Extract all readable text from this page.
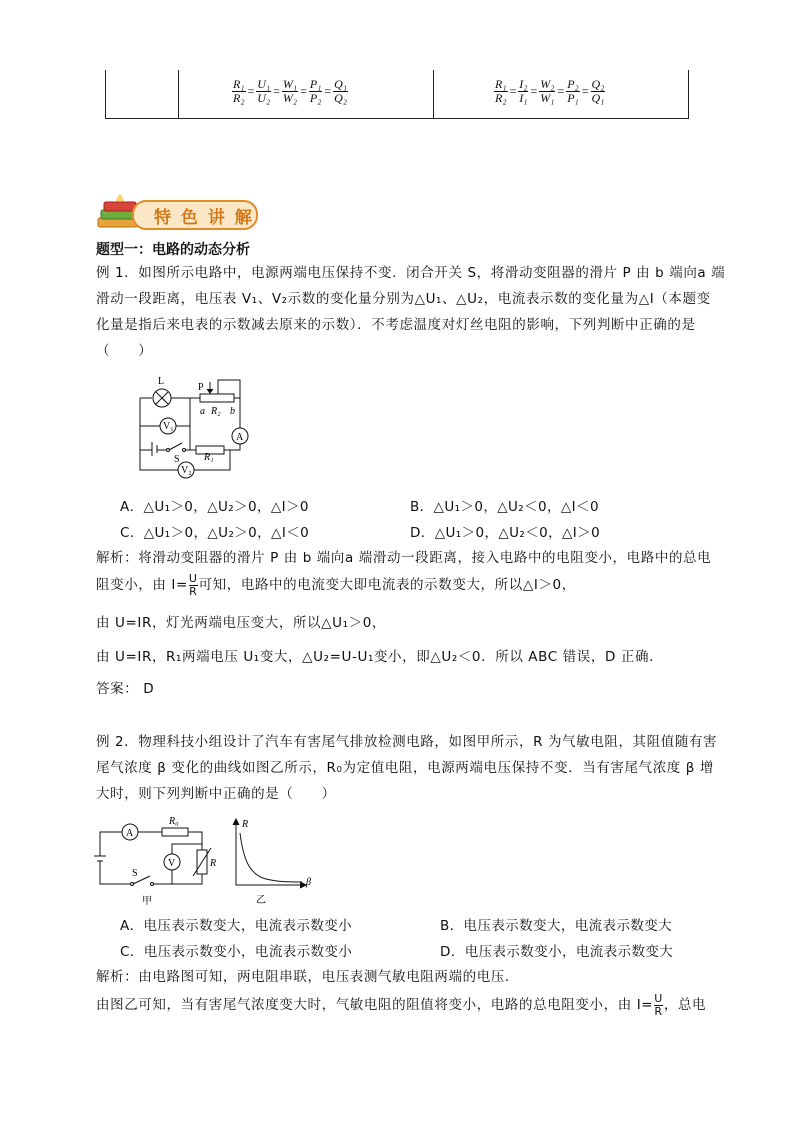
$\frac{\text{R₁}}{\text{R₂}} = \frac{\text{U₁}}{\text{U₂}} = \frac{\text{W₁}}{\text{W₂}} = \frac{\text{P₁}}{\text{P₂}} = \frac{\text{Q₁}}{\text{Q₂}}$	$\frac{\text{R₁}}{\text{R₂}} = \frac{\text{I₂}}{\text{I₁}} = \frac{\text{W₂}}{\text{W₁}} = \frac{\text{P₂}}{\text{P₁}} = \frac{\text{Q₂}}{\text{Q₁}}$
特 色 讲 解
题型一：电路的动态分析
例 1．如图所示电路中，电源两端电压保持不变．闭合开关 S，将滑动变阻器的滑片 P 由 b 端向a 端
滑动一段距离，电压表 V₁、V₂示数的变化量分别为△U₁、△U₂，电流表示数的变化量为△I（本题变
化量是指后来电表的示数减去原来的示数）．不考虑温度对灯丝电阻的影响，下列判断中正确的是
（　　）
L
P
a R₂ b
V₁
A
S R₁
V₂
A．△U₁＞0，△U₂＞0，△I＞0	B．△U₁＞0，△U₂＜0，△I＜0
C．△U₁＞0，△U₂＞0，△I＜0	D．△U₁＞0，△U₂＜0，△I＞0
解析：将滑动变阻器的滑片 P 由 b 端向a 端滑动一段距离，接入电路中的电阻变小，电路中的总电
阻变小，由 $I= \frac{U}{R}$ 可知，电路中的电流变大即电流表的示数变大，所以△I＞0，
由 U=IR，灯光两端电压变大，所以△U₁＞0，
由 U=IR，R₁两端电压 U₁变大，△U₂=U-U₁变小，即△U₂＜0．所以 ABC 错误，D 正确．
答案： D
例 2．物理科技小组设计了汽车有害尾气排放检测电路，如图甲所示，R 为气敏电阻，其阻值随有害
尾气浓度 β 变化的曲线如图乙所示，R₀为定值电阻，电源两端电压保持不变．当有害尾气浓度 β 增
大时，则下列判断中正确的是（　　）
A
R₀
V	R
S
甲
R
β
乙
A．电压表示数变大，电流表示数变小	B．电压表示数变大，电流表示数变大
C．电压表示数变小，电流表示数变小	D．电压表示数变小，电流表示数变大
解析：由电路图可知，两电阻串联，电压表测气敏电阻两端的电压．
由图乙可知，当有害尾气浓度变大时，气敏电阻的阻值将变小，电路的总电阻变小，由 $I= \frac{U}{R}$ ，总电
